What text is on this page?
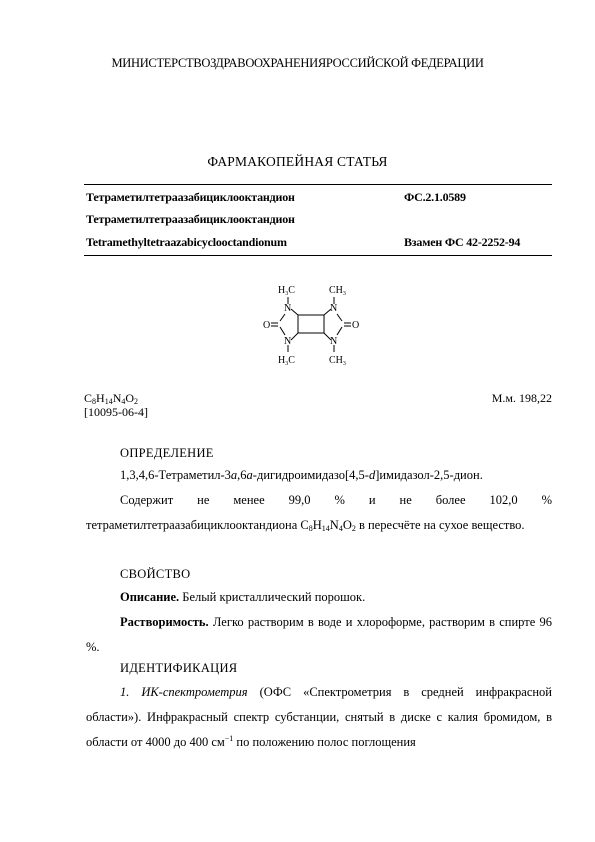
МИНИСТЕРСТВОЗДРАВООХРАНЕНИЯРОССИЙСКОЙ ФЕДЕРАЦИИ
ФАРМАКОПЕЙНАЯ СТАТЬЯ
Тетраметилтетраазабициклооктандион	ФС.2.1.0589
Тетраметилтетраазабициклооктандион
Tetramethyltetraazabicyclooctandionum	Взамен ФС 42-2252-94
N	N
N	N
O	O
$H_3C$	$CH_3$
$H_3C$	$CH_3$
$C_8H_{14}N_4O_2$	М.м. 198,22
[10095-06-4]
ОПРЕДЕЛЕНИЕ

1,3,4,6-Тетраметил-3a,6a-дигидроимидазо[4,5-d]имидазол-2,5-дион.

Содержит не менее 99,0 % и не более 102,0 % тетраметилтетраазабициклооктандиона $C_8H_{14}N_4O_2$ в пересчёте на сухое вещество.

СВОЙСТВО

Описание. Белый кристаллический порошок.

Растворимость. Легко растворим в воде и хлороформе, растворим в спирте 96 %.

ИДЕНТИФИКАЦИЯ

1. ИК-спектрометрия (ОФС «Спектрометрия в средней инфракрасной области»). Инфракрасный спектр субстанции, снятый в диске с калия бромидом, в области от 4000 до 400 $см^{-1}$ по положению полос поглощения
